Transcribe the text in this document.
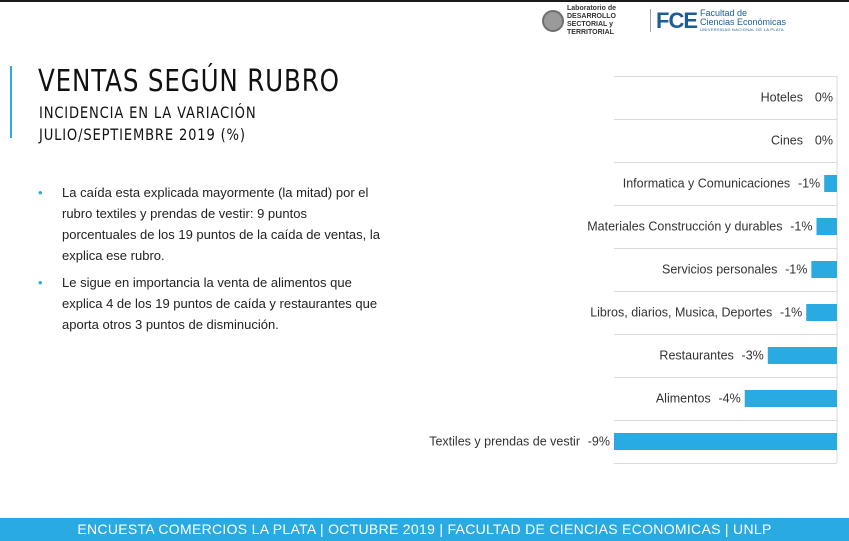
Laboratorio de DESARROLLO
SECTORIAL y TERRITORIAL	FCE Facultad de
Ciencias Económicas
UNIVERSIDAD NACIONAL DE LA PLATA
VENTAS SEGÚN RUBRO
INCIDENCIA EN LA VARIACIÓN
JULIO/SEPTIEMBRE 2019 (%)
• La caída esta explicada mayormente (la mitad) por el rubro textiles y prendas de vestir: 9 puntos porcentuales de los 19 puntos de la caída de ventas, la explica ese rubro.
• Le sigue en importancia la venta de alimentos que explica 4 de los 19 puntos de caída y restaurantes que aporta otros 3 puntos de disminución.
Hoteles 0%
Cines 0%
Informatica y Comunicaciones -1%
Materiales Construcción y durables -1%
Servicios personales -1%
Libros, diarios, Musica, Deportes -1%
Restaurantes -3%
Alimentos -4%
Textiles y prendas de vestir -9%
ENCUESTA COMERCIOS LA PLATA | OCTUBRE 2019 | FACULTAD DE CIENCIAS ECONOMICAS | UNLP
